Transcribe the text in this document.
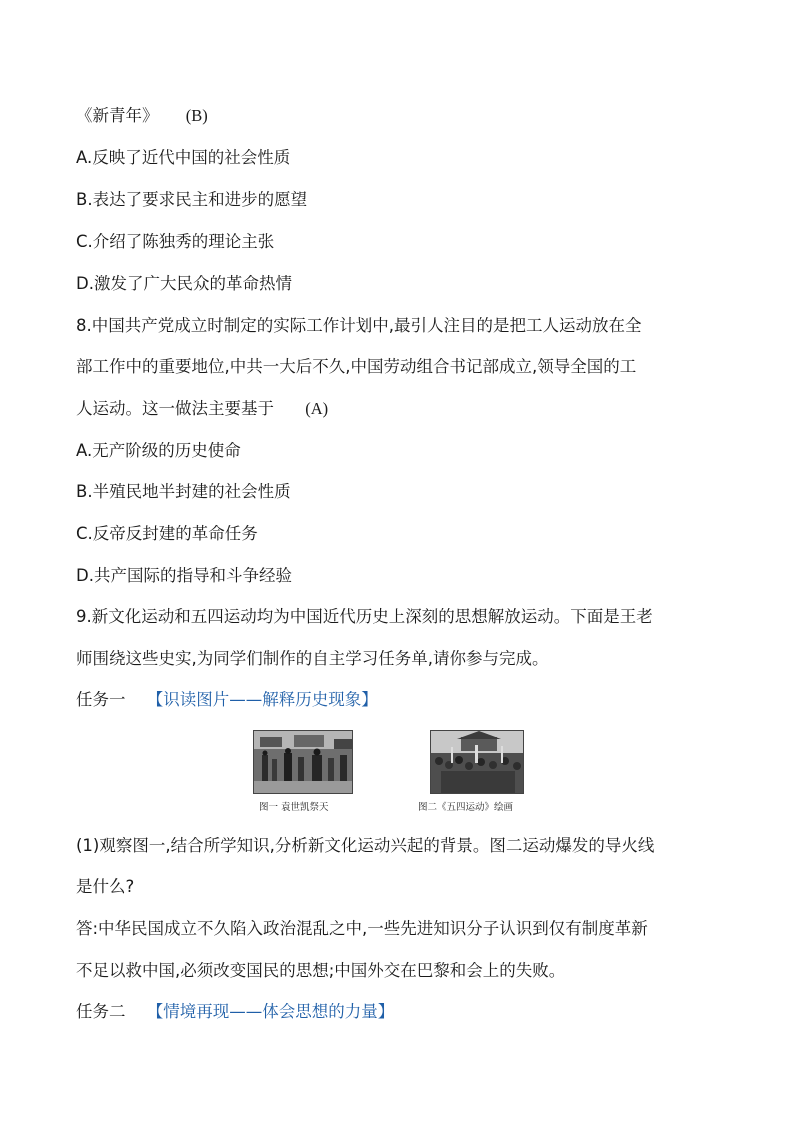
《新青年》 (B)
A.反映了近代中国的社会性质
B.表达了要求民主和进步的愿望
C.介绍了陈独秀的理论主张
D.激发了广大民众的革命热情
8.中国共产党成立时制定的实际工作计划中,最引人注目的是把工人运动放在全
部工作中的重要地位,中共一大后不久,中国劳动组合书记部成立,领导全国的工
人运动。这一做法主要基于 (A)
A.无产阶级的历史使命
B.半殖民地半封建的社会性质
C.反帝反封建的革命任务
D.共产国际的指导和斗争经验
9.新文化运动和五四运动均为中国近代历史上深刻的思想解放运动。下面是王老
师围绕这些史实,为同学们制作的自主学习任务单,请你参与完成。
任务一 【识读图片——解释历史现象】
图一 袁世凯祭天	图二《五四运动》绘画
(1)观察图一,结合所学知识,分析新文化运动兴起的背景。图二运动爆发的导火线
是什么?
答:中华民国成立不久陷入政治混乱之中,一些先进知识分子认识到仅有制度革新
不足以救中国,必须改变国民的思想;中国外交在巴黎和会上的失败。
任务二 【情境再现——体会思想的力量】
